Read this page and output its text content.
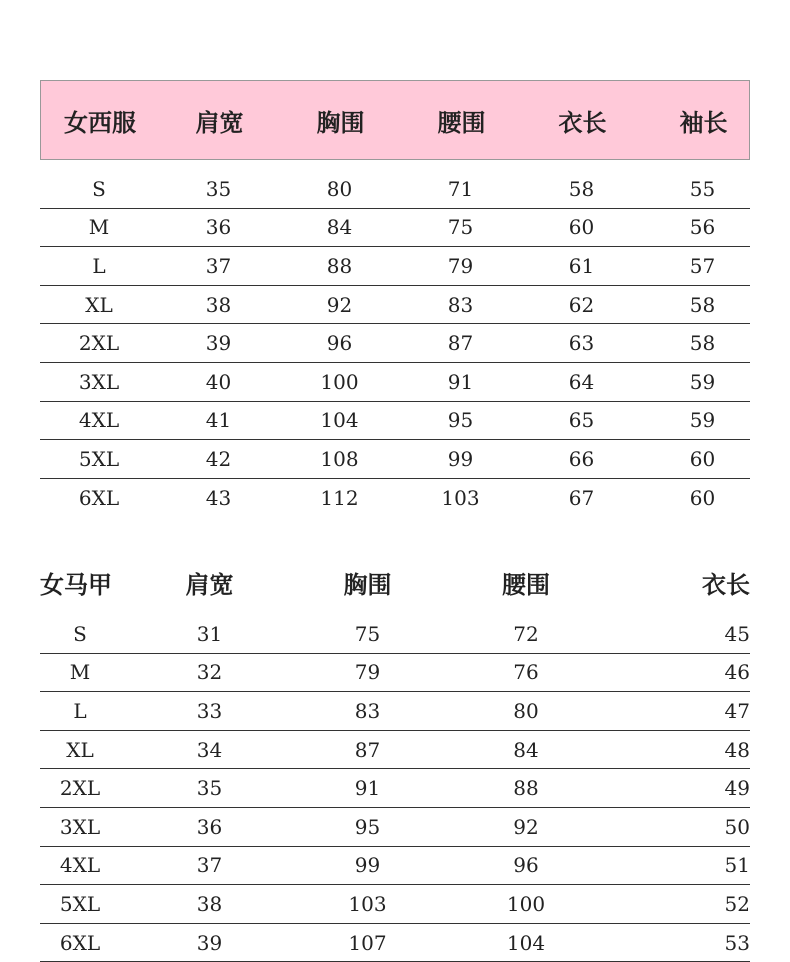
女西服	肩宽	胸围	腰围	衣长	袖长
S	35	80	71	58	55
M	36	84	75	60	56
L	37	88	79	61	57
XL	38	92	83	62	58
2XL	39	96	87	63	58
3XL	40	100	91	64	59
4XL	41	104	95	65	59
5XL	42	108	99	66	60
6XL	43	112	103	67	60
女马甲	肩宽	胸围	腰围	衣长
S	31	75	72	45
M	32	79	76	46
L	33	83	80	47
XL	34	87	84	48
2XL	35	91	88	49
3XL	36	95	92	50
4XL	37	99	96	51
5XL	38	103	100	52
6XL	39	107	104	53
